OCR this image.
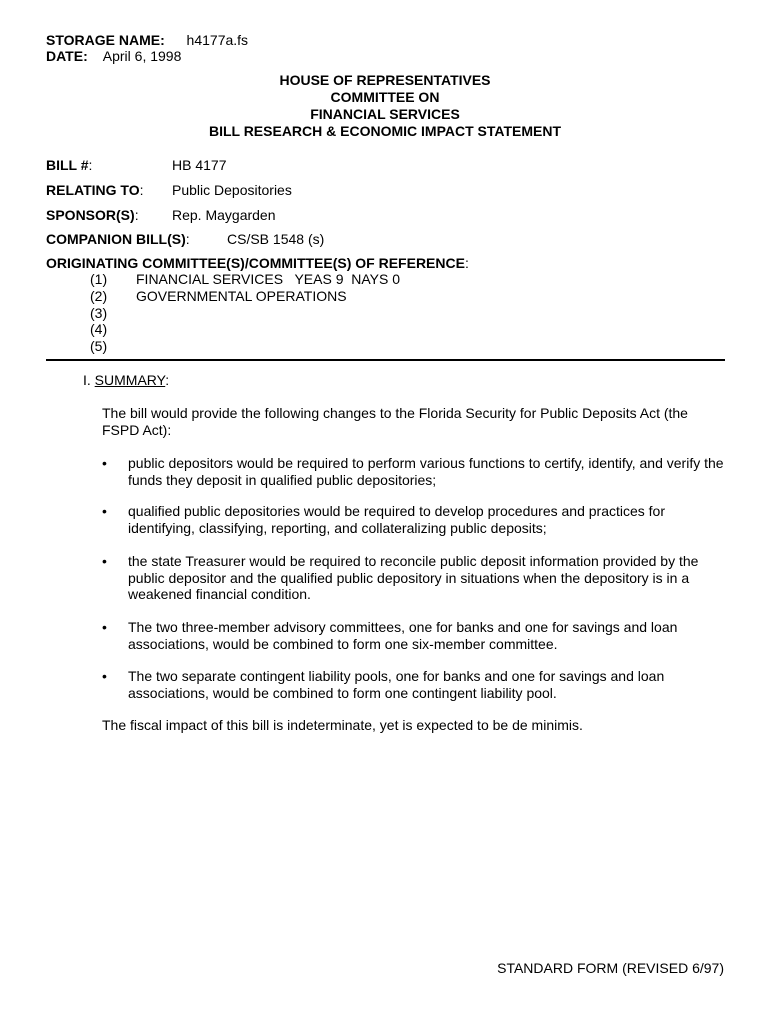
STORAGE NAME: h4177a.fs
DATE: April 6, 1998
HOUSE OF REPRESENTATIVES
COMMITTEE ON
FINANCIAL SERVICES
BILL RESEARCH & ECONOMIC IMPACT STATEMENT
BILL #:	HB 4177
RELATING TO: Public Depositories
SPONSOR(S): Rep. Maygarden
COMPANION BILL(S):	CS/SB 1548 (s)
ORIGINATING COMMITTEE(S)/COMMITTEE(S) OF REFERENCE:
(1) FINANCIAL SERVICES   YEAS 9  NAYS 0
(2) GOVERNMENTAL OPERATIONS
(3)
(4)
(5)
I. SUMMARY:
The bill would provide the following changes to the Florida Security for Public Deposits Act (the FSPD Act):
•	public depositors would be required to perform various functions to certify, identify, and verify the funds they deposit in qualified public depositories;
•	qualified public depositories would be required to develop procedures and practices for identifying, classifying, reporting, and collateralizing public deposits;
•	the state Treasurer would be required to reconcile public deposit information provided by the public depositor and the qualified public depository in situations when the depository is in a weakened financial condition.
•	The two three-member advisory committees, one for banks and one for savings and loan associations, would be combined to form one six-member committee.
•	The two separate contingent liability pools, one for banks and one for savings and loan associations, would be combined to form one contingent liability pool.
The fiscal impact of this bill is indeterminate, yet is expected to be de minimis.
STANDARD FORM (REVISED 6/97)
